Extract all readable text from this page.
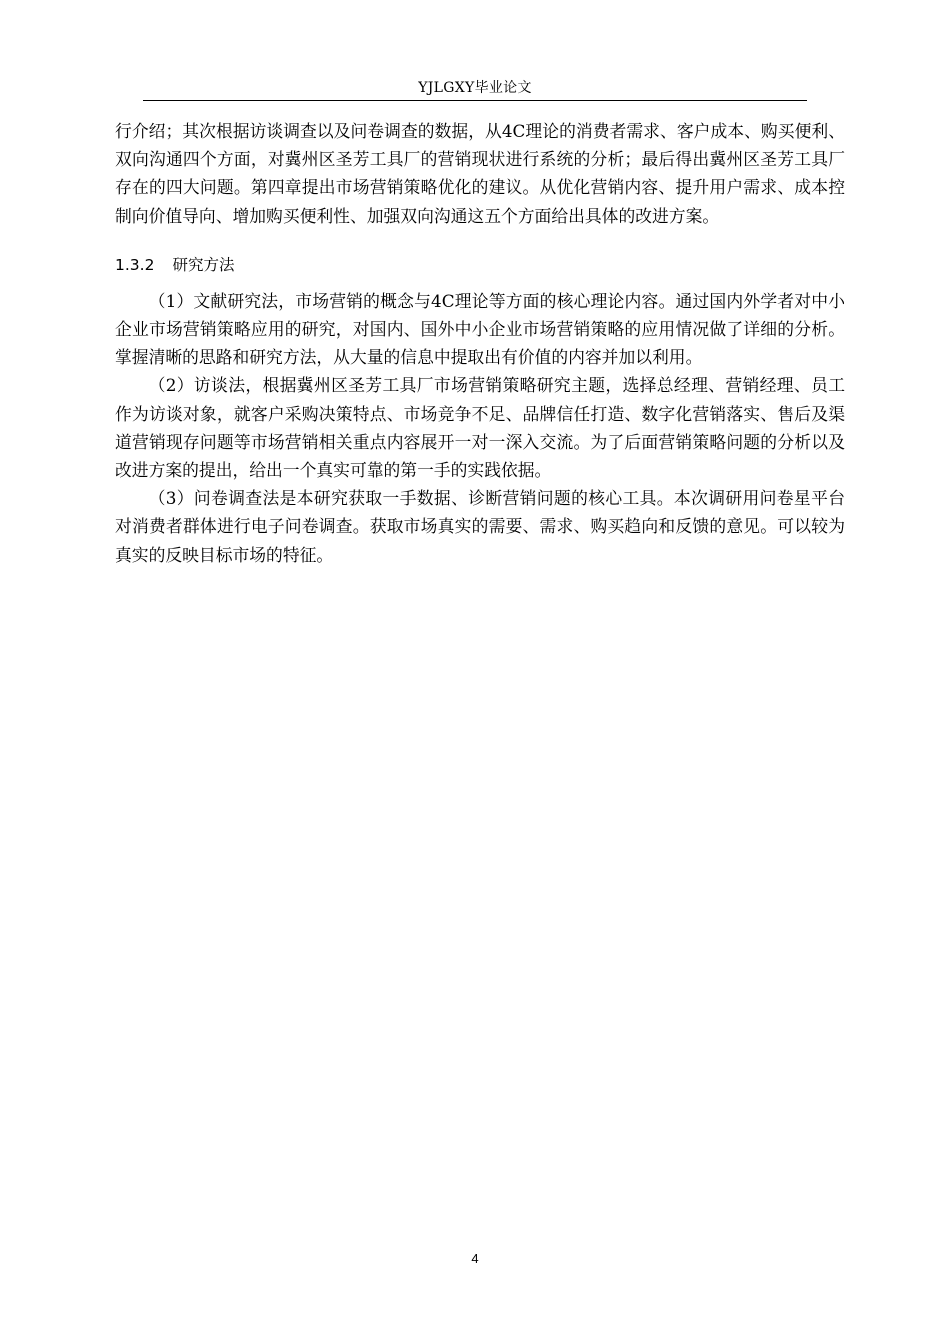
YJLGXY毕业论文

行介绍；其次根据访谈调查以及问卷调查的数据，从4C理论的消费者需求、客户成本、购买便利、双向沟通四个方面，对冀州区圣芳工具厂的营销现状进行系统的分析；最后得出冀州区圣芳工具厂存在的四大问题。第四章提出市场营销策略优化的建议。从优化营销内容、提升用户需求、成本控制向价值导向、增加购买便利性、加强双向沟通这五个方面给出具体的改进方案。

1.3.2 研究方法

（1）文献研究法，市场营销的概念与4C理论等方面的核心理论内容。通过国内外学者对中小企业市场营销策略应用的研究，对国内、国外中小企业市场营销策略的应用情况做了详细的分析。掌握清晰的思路和研究方法，从大量的信息中提取出有价值的内容并加以利用。

（2）访谈法，根据冀州区圣芳工具厂市场营销策略研究主题，选择总经理、营销经理、员工作为访谈对象，就客户采购决策特点、市场竞争不足、品牌信任打造、数字化营销落实、售后及渠道营销现存问题等市场营销相关重点内容展开一对一深入交流。为了后面营销策略问题的分析以及改进方案的提出，给出一个真实可靠的第一手的实践依据。

（3）问卷调查法是本研究获取一手数据、诊断营销问题的核心工具。本次调研用问卷星平台对消费者群体进行电子问卷调查。获取市场真实的需要、需求、购买趋向和反馈的意见。可以较为真实的反映目标市场的特征。

4
